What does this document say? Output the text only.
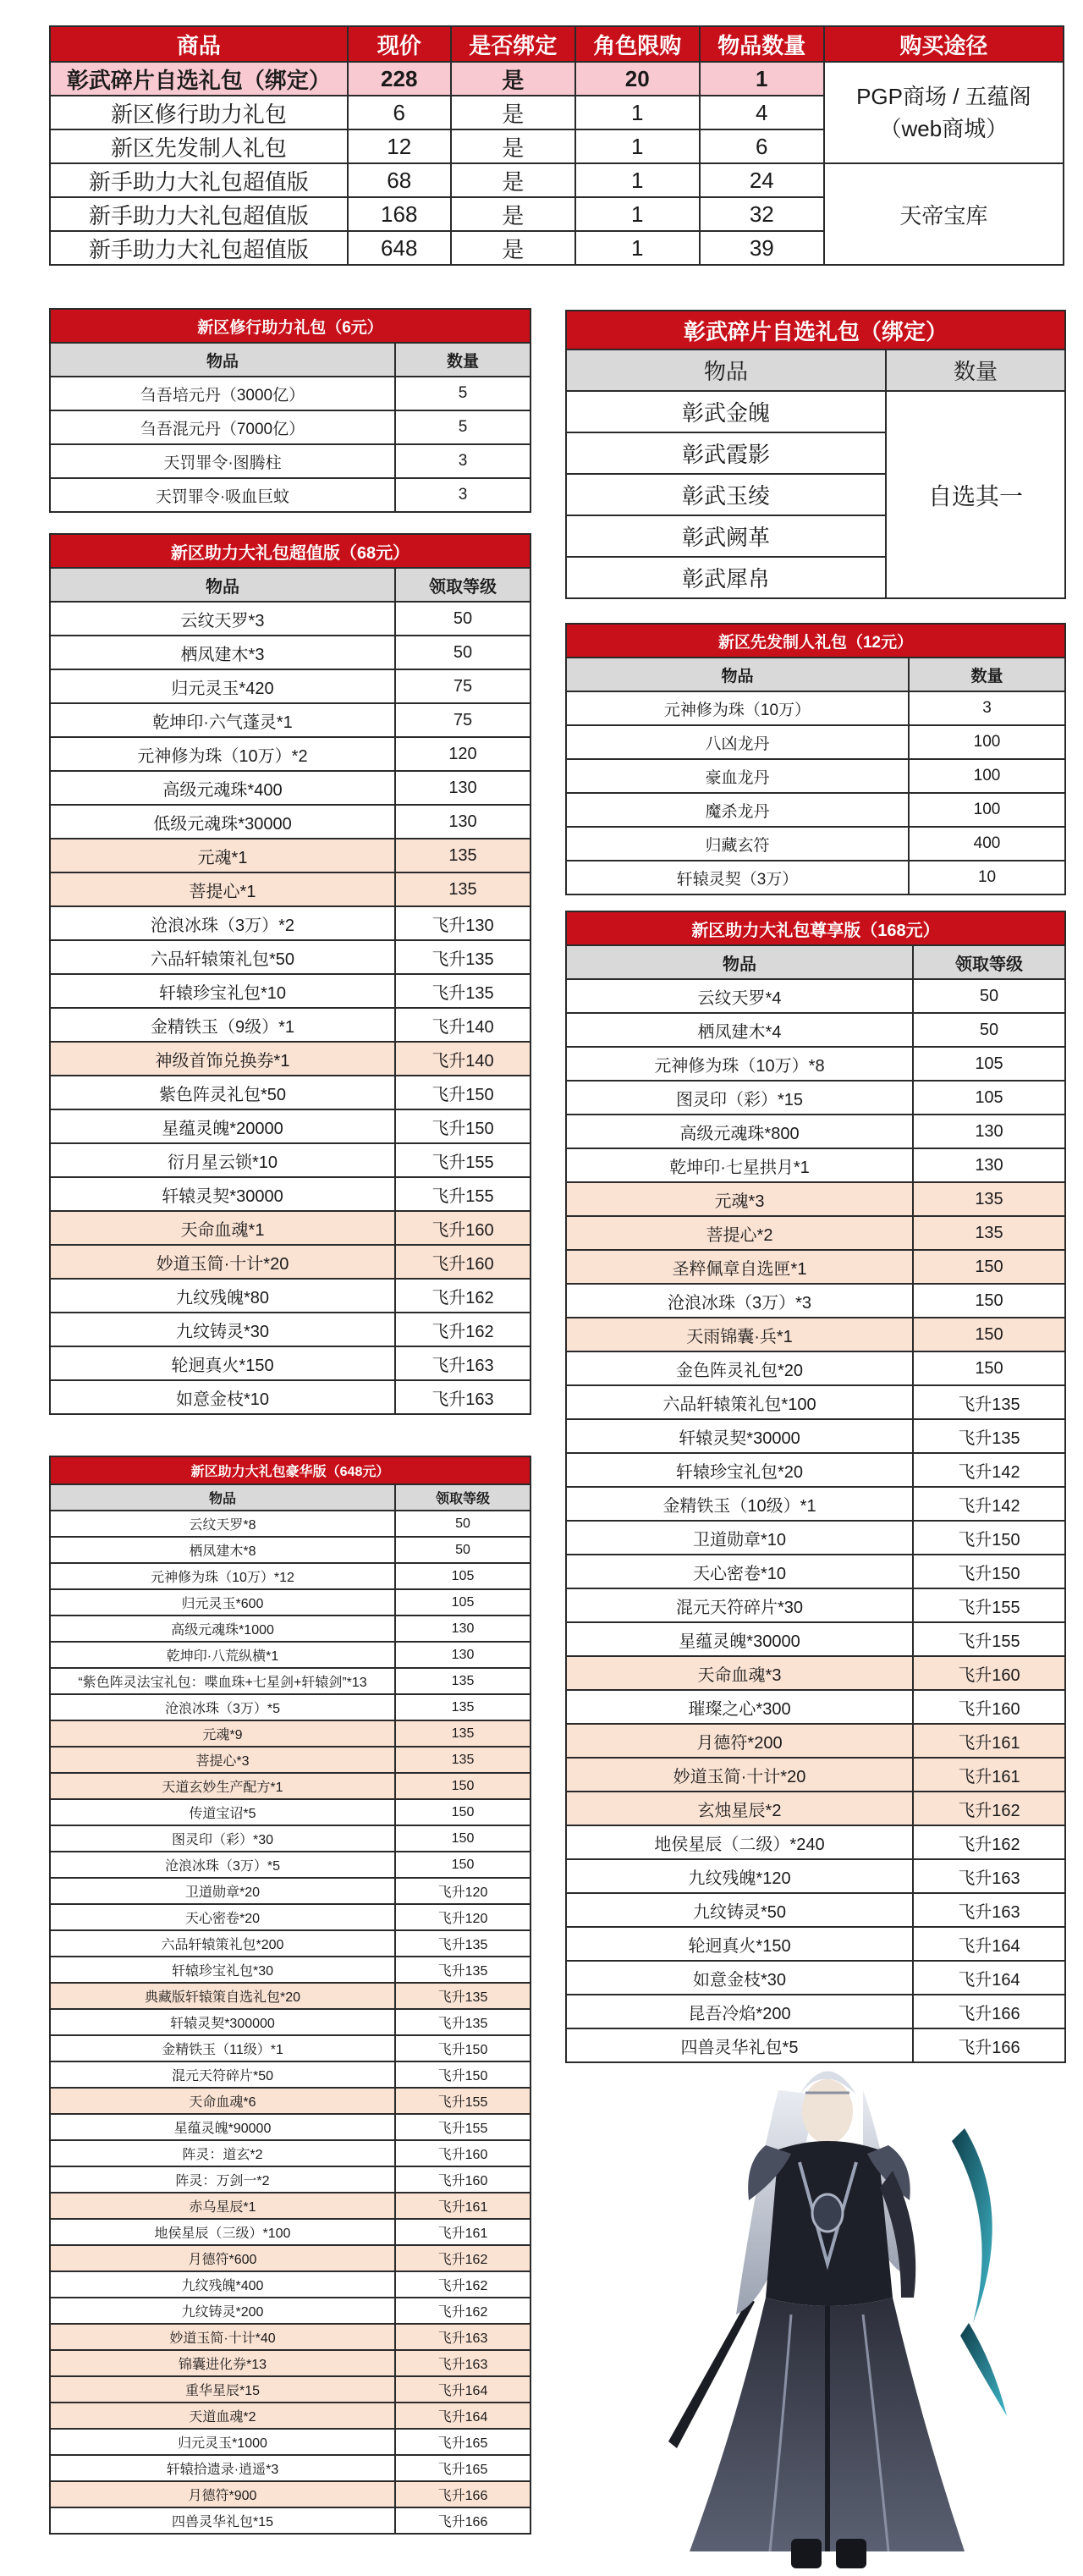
商品	现价	是否绑定	角色限购	物品数量	购买途径
彰武碎片自选礼包（绑定）	228	是	20	1	PGP商场 / 五蕴阁（web商城）
新区修行助力礼包	6	是	1	4	
新区先发制人礼包	12	是	1	6	
新手助力大礼包超值版	68	是	1	24	天帝宝库
新手助力大礼包超值版	168	是	1	32	
新手助力大礼包超值版	648	是	1	39	
新区修行助力礼包（6元）	
物品	数量
刍吾培元丹（3000亿）	5
刍吾混元丹（7000亿）	5
天罚罪令·图腾柱	3
天罚罪令·吸血巨蚊	3
彰武碎片自选礼包（绑定）	
物品	数量
彰武金魄	自选其一
彰武霞影	
彰武玉绫	
彰武阙革	
彰武犀帛	
新区助力大礼包超值版（68元）	
物品	领取等级
云纹天罗*3	50
栖凤建木*3	50
归元灵玉*420	75
乾坤印·六气蓬灵*1	75
元神修为珠（10万）*2	120
高级元魂珠*400	130
低级元魂珠*30000	130
元魂*1	135
菩提心*1	135
沧浪冰珠（3万）*2	飞升130
六品轩辕策礼包*50	飞升135
轩辕珍宝礼包*10	飞升135
金精铁玉（9级）*1	飞升140
神级首饰兑换券*1	飞升140
紫色阵灵礼包*50	飞升150
星蕴灵魄*20000	飞升150
衍月星云锁*10	飞升155
轩辕灵契*30000	飞升155
天命血魂*1	飞升160
妙道玉简·十计*20	飞升160
九纹残魄*80	飞升162
九纹铸灵*30	飞升162
轮迥真火*150	飞升163
如意金枝*10	飞升163
新区先发制人礼包（12元）	
物品	数量
元神修为珠（10万）	3
八凶龙丹	100
豪血龙丹	100
魔杀龙丹	100
归藏玄符	400
轩辕灵契（3万）	10
新区助力大礼包尊享版（168元）	
物品	领取等级
云纹天罗*4	50
栖凤建木*4	50
元神修为珠（10万）*8	105
图灵印（彩）*15	105
高级元魂珠*800	130
乾坤印·七星拱月*1	130
元魂*3	135
菩提心*2	135
圣粹佩章自选匣*1	150
沧浪冰珠（3万）*3	150
天雨锦囊·兵*1	150
金色阵灵礼包*20	150
六品轩辕策礼包*100	飞升135
轩辕灵契*30000	飞升135
轩辕珍宝礼包*20	飞升142
金精铁玉（10级）*1	飞升142
卫道勋章*10	飞升150
天心密卷*10	飞升150
混元天符碎片*30	飞升155
星蕴灵魄*30000	飞升155
天命血魂*3	飞升160
璀璨之心*300	飞升160
月德符*200	飞升161
妙道玉简·十计*20	飞升161
玄烛星辰*2	飞升162
地侯星辰（二级）*240	飞升162
九纹残魄*120	飞升163
九纹铸灵*50	飞升163
轮迥真火*150	飞升164
如意金枝*30	飞升164
昆吾冷焰*200	飞升166
四兽灵华礼包*5	飞升166
新区助力大礼包豪华版（648元）	
物品	领取等级
云纹天罗*8	50
栖凤建木*8	50
元神修为珠（10万）*12	105
归元灵玉*600	105
高级元魂珠*1000	130
乾坤印·八荒纵横*1	130
“紫色阵灵法宝礼包：喋血珠+七星剑+轩辕剑”*13	135
沧浪冰珠（3万）*5	135
元魂*9	135
菩提心*3	135
天道玄妙生产配方*1	150
传道宝诏*5	150
图灵印（彩）*30	150
沧浪冰珠（3万）*5	150
卫道勋章*20	飞升120
天心密卷*20	飞升120
六品轩辕策礼包*200	飞升135
轩辕珍宝礼包*30	飞升135
典藏版轩辕策自选礼包*20	飞升135
轩辕灵契*300000	飞升135
金精铁玉（11级）*1	飞升150
混元天符碎片*50	飞升150
天命血魂*6	飞升155
星蕴灵魄*90000	飞升155
阵灵：道玄*2	飞升160
阵灵：万剑一*2	飞升160
赤乌星辰*1	飞升161
地侯星辰（三级）*100	飞升161
月德符*600	飞升162
九纹残魄*400	飞升162
九纹铸灵*200	飞升162
妙道玉简·十计*40	飞升163
锦囊进化券*13	飞升163
重华星辰*15	飞升164
天道血魂*2	飞升164
归元灵玉*1000	飞升165
轩辕拾遗录·逍遥*3	飞升165
月德符*900	飞升166
四兽灵华礼包*15	飞升166
